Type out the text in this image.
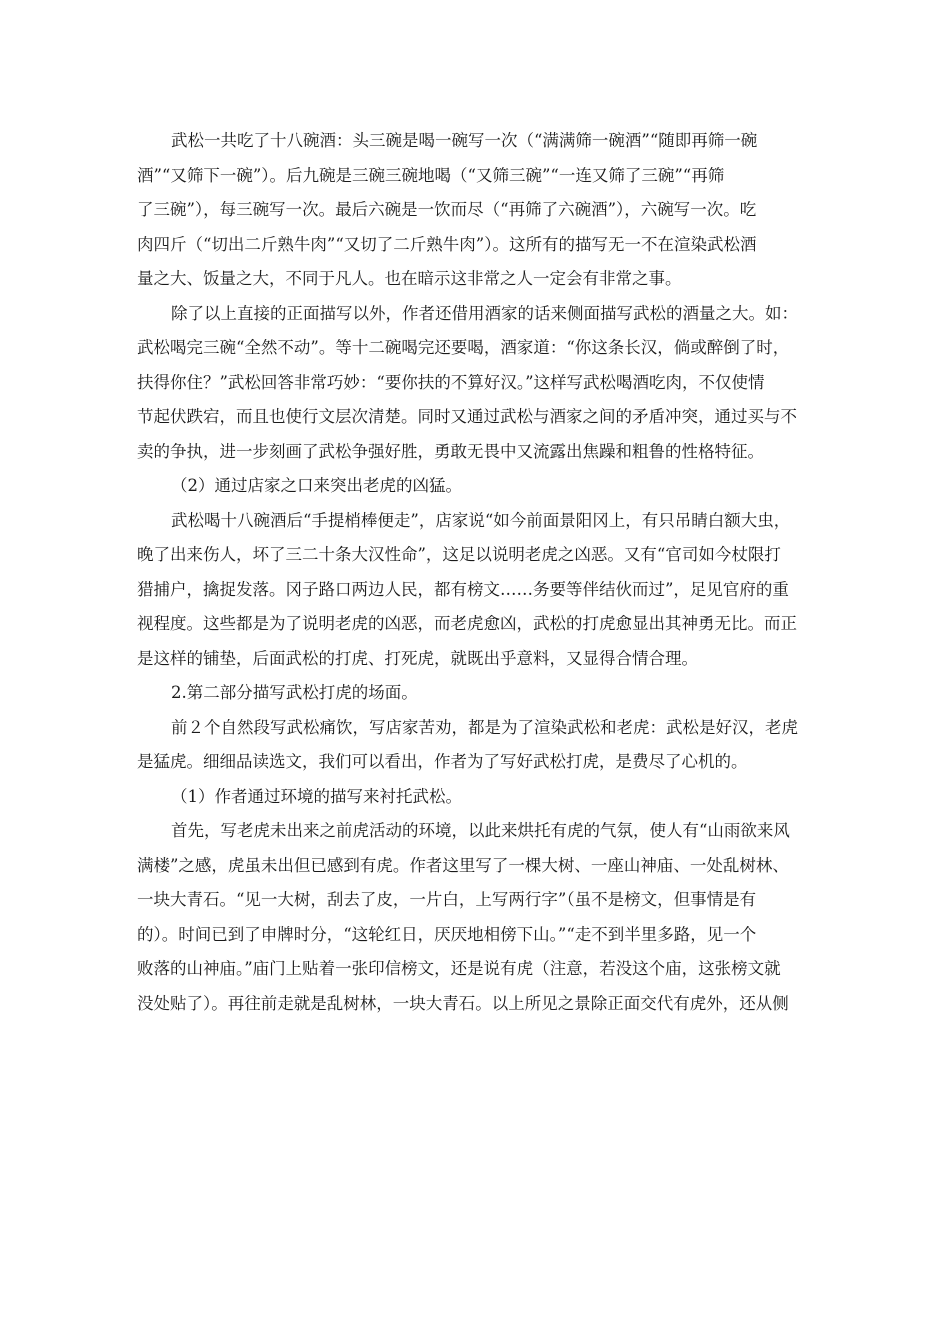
武松一共吃了十八碗酒：头三碗是喝一碗写一次（“满满筛一碗酒”“随即再筛一碗
酒”“又筛下一碗”）。后九碗是三碗三碗地喝（“又筛三碗”“一连又筛了三碗”“再筛
了三碗”），每三碗写一次。最后六碗是一饮而尽（“再筛了六碗酒”），六碗写一次。吃
肉四斤（“切出二斤熟牛肉”“又切了二斤熟牛肉”）。这所有的描写无一不在渲染武松酒
量之大、饭量之大，不同于凡人。也在暗示这非常之人一定会有非常之事。
除了以上直接的正面描写以外，作者还借用酒家的话来侧面描写武松的酒量之大。如：
武松喝完三碗“全然不动”。等十二碗喝完还要喝，酒家道：“你这条长汉，倘或醉倒了时，
扶得你住？”武松回答非常巧妙：“要你扶的不算好汉。”这样写武松喝酒吃肉，不仅使情
节起伏跌宕，而且也使行文层次清楚。同时又通过武松与酒家之间的矛盾冲突，通过买与不
卖的争执，进一步刻画了武松争强好胜，勇敢无畏中又流露出焦躁和粗鲁的性格特征。
（2）通过店家之口来突出老虎的凶猛。
武松喝十八碗酒后“手提梢棒便走”，店家说“如今前面景阳冈上，有只吊睛白额大虫，
晚了出来伤人，坏了三二十条大汉性命”，这足以说明老虎之凶恶。又有“官司如今杖限打
猎捕户，擒捉发落。冈子路口两边人民，都有榜文……务要等伴结伙而过”，足见官府的重
视程度。这些都是为了说明老虎的凶恶，而老虎愈凶，武松的打虎愈显出其神勇无比。而正
是这样的铺垫，后面武松的打虎、打死虎，就既出乎意料，又显得合情合理。
2.第二部分描写武松打虎的场面。
前２个自然段写武松痛饮，写店家苦劝，都是为了渲染武松和老虎：武松是好汉，老虎
是猛虎。细细品读选文，我们可以看出，作者为了写好武松打虎，是费尽了心机的。
（1）作者通过环境的描写来衬托武松。
首先，写老虎未出来之前虎活动的环境，以此来烘托有虎的气氛，使人有“山雨欲来风
满楼”之感，虎虽未出但已感到有虎。作者这里写了一棵大树、一座山神庙、一处乱树林、
一块大青石。“见一大树，刮去了皮，一片白，上写两行字”（虽不是榜文，但事情是有
的）。时间已到了申牌时分，“这轮红日，厌厌地相傍下山。”“走不到半里多路，见一个
败落的山神庙。”庙门上贴着一张印信榜文，还是说有虎（注意，若没这个庙，这张榜文就
没处贴了）。再往前走就是乱树林，一块大青石。以上所见之景除正面交代有虎外，还从侧
